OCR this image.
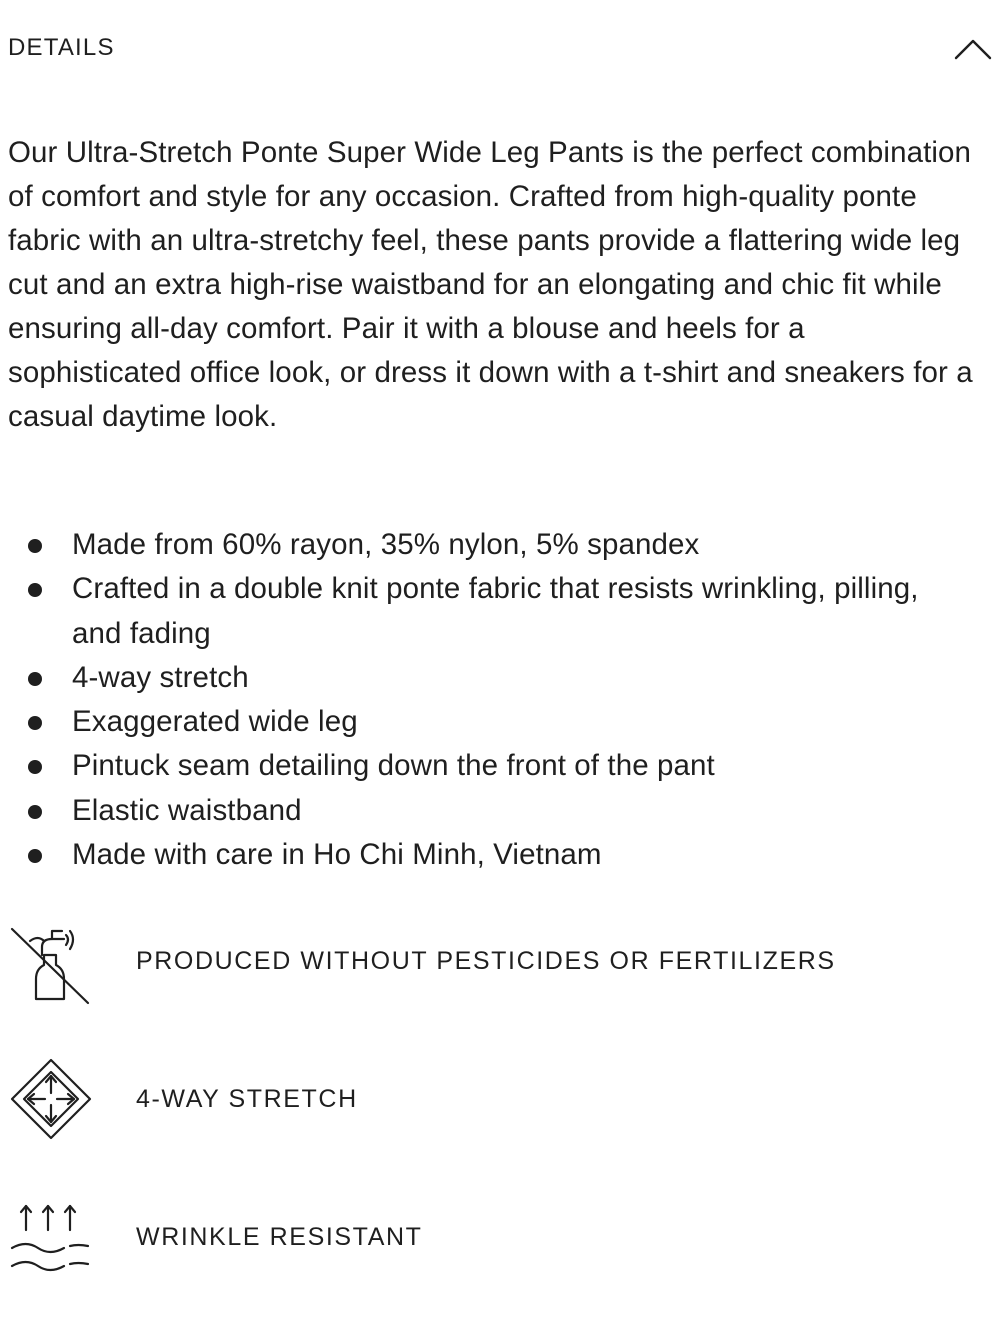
DETAILS

Our Ultra-Stretch Ponte Super Wide Leg Pants is the perfect combination of comfort and style for any occasion. Crafted from high-quality ponte fabric with an ultra-stretchy feel, these pants provide a flattering wide leg cut and an extra high-rise waistband for an elongating and chic fit while ensuring all-day comfort. Pair it with a blouse and heels for a sophisticated office look, or dress it down with a t-shirt and sneakers for a casual daytime look.

Made from 60% rayon, 35% nylon, 5% spandex
Crafted in a double knit ponte fabric that resists wrinkling, pilling, and fading
4-way stretch
Exaggerated wide leg
Pintuck seam detailing down the front of the pant
Elastic waistband
Made with care in Ho Chi Minh, Vietnam
PRODUCED WITHOUT PESTICIDES OR FERTILIZERS
4-WAY STRETCH
WRINKLE RESISTANT
